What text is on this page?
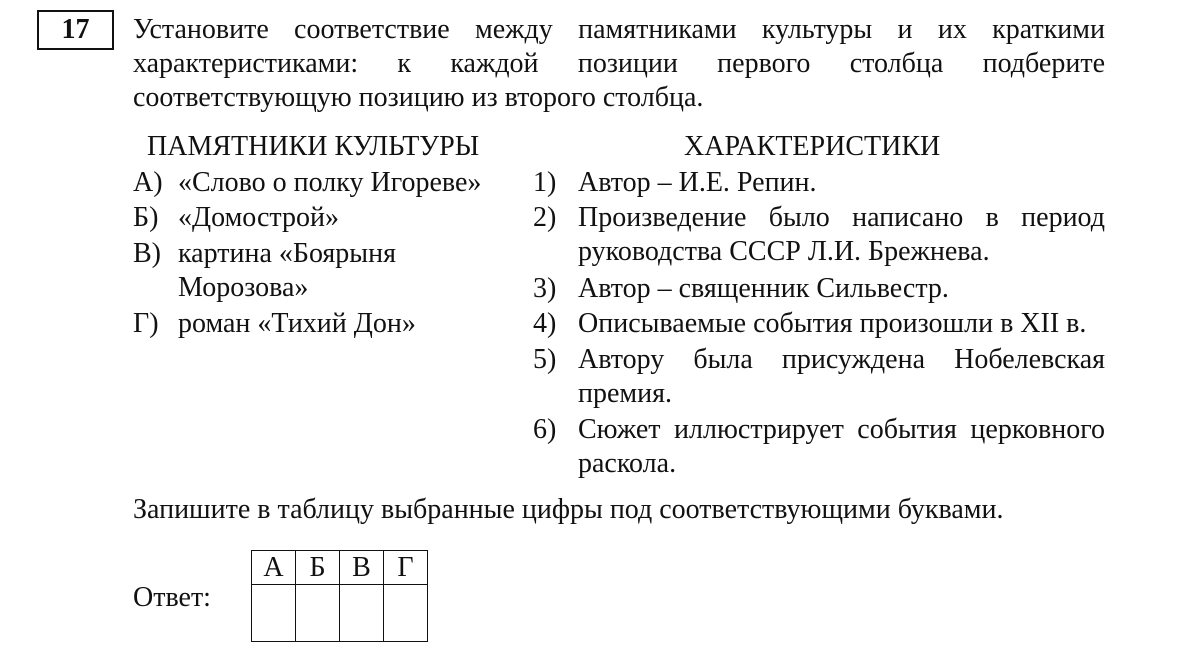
17	Установите соответствие между памятниками культуры и их краткими характеристиками: к каждой позиции первого столбца подберите соответствующую позицию из второго столбца.
ПАМЯТНИКИ КУЛЬТУРЫ	ХАРАКТЕРИСТИКИ
А) «Слово о полку Игореве»
Б) «Домострой»
В) картина «Боярыня Морозова»
Г) роман «Тихий Дон»
1) Автор – И.Е. Репин.
2) Произведение было написано в период руководства СССР Л.И. Брежнева.
3) Автор – священник Сильвестр.
4) Описываемые события произошли в XII в.
5) Автору была присуждена Нобелевская премия.
6) Сюжет иллюстрирует события церковного раскола.
Запишите в таблицу выбранные цифры под соответствующими буквами.
Ответ:
А	Б	В	Г
